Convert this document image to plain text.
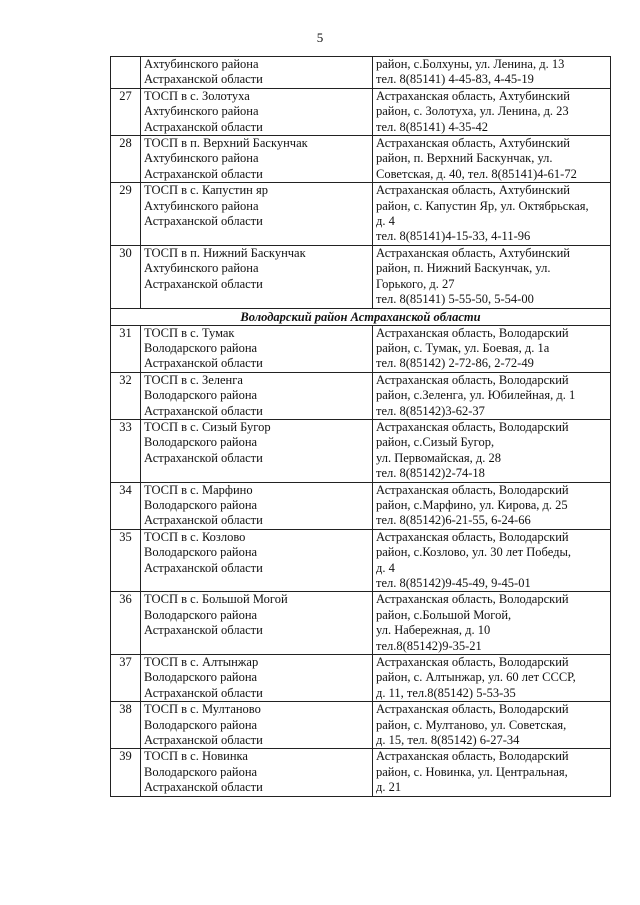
5

	Ахтубинского района
Астраханской области	район, с.Болхуны, ул. Ленина, д. 13
тел. 8(85141) 4-45-83, 4-45-19

27	ТОСП в с. Золотуха
Ахтубинского района
Астраханской области	Астраханская область, Ахтубинский
район, с. Золотуха, ул. Ленина, д. 23
тел. 8(85141) 4-35-42

28	ТОСП в п. Верхний Баскунчак
Ахтубинского района
Астраханской области	Астраханская область, Ахтубинский
район, п. Верхний Баскунчак, ул.
Советская, д. 40, тел. 8(85141)4-61-72

29	ТОСП в с. Капустин яр
Ахтубинского района
Астраханской области	Астраханская область, Ахтубинский
район, с. Капустин Яр, ул. Октябрьская,
д. 4
тел. 8(85141)4-15-33, 4-11-96

30	ТОСП в п. Нижний Баскунчак
Ахтубинского района
Астраханской области	Астраханская область, Ахтубинский
район, п. Нижний Баскунчак, ул.
Горького, д. 27
тел. 8(85141) 5-55-50, 5-54-00

Володарский район Астраханской области		
31	ТОСП в с. Тумак
Володарского района
Астраханской области	Астраханская область, Володарский
район, с. Тумак, ул. Боевая, д. 1а
тел. 8(85142) 2-72-86, 2-72-49

32	ТОСП в с. Зеленга
Володарского района
Астраханской области	Астраханская область, Володарский
район, с.Зеленга, ул. Юбилейная, д. 1
тел. 8(85142)3-62-37

33	ТОСП в с. Сизый Бугор
Володарского района
Астраханской области	Астраханская область, Володарский
район, с.Сизый Бугор,
ул. Первомайская, д. 28
тел. 8(85142)2-74-18

34	ТОСП в с. Марфино
Володарского района
Астраханской области	Астраханская область, Володарский
район, с.Марфино, ул. Кирова, д. 25
тел. 8(85142)6-21-55, 6-24-66

35	ТОСП в с. Козлово
Володарского района
Астраханской области	Астраханская область, Володарский
район, с.Козлово, ул. 30 лет Победы,
д. 4
тел. 8(85142)9-45-49, 9-45-01

36	ТОСП в с. Большой Могой
Володарского района
Астраханской области	Астраханская область, Володарский
район, с.Большой Могой,
ул. Набережная, д. 10
тел.8(85142)9-35-21

37	ТОСП в с. Алтынжар
Володарского района
Астраханской области	Астраханская область, Володарский
район, с. Алтынжар, ул. 60 лет СССР,
д. 11, тел.8(85142) 5-53-35

38	ТОСП в с. Мултаново
Володарского района
Астраханской области	Астраханская область, Володарский
район, с. Мултаново, ул. Советская,
д. 15, тел. 8(85142) 6-27-34

39	ТОСП в с. Новинка
Володарского района
Астраханской области	Астраханская область, Володарский
район, с. Новинка, ул. Центральная,
д. 21
